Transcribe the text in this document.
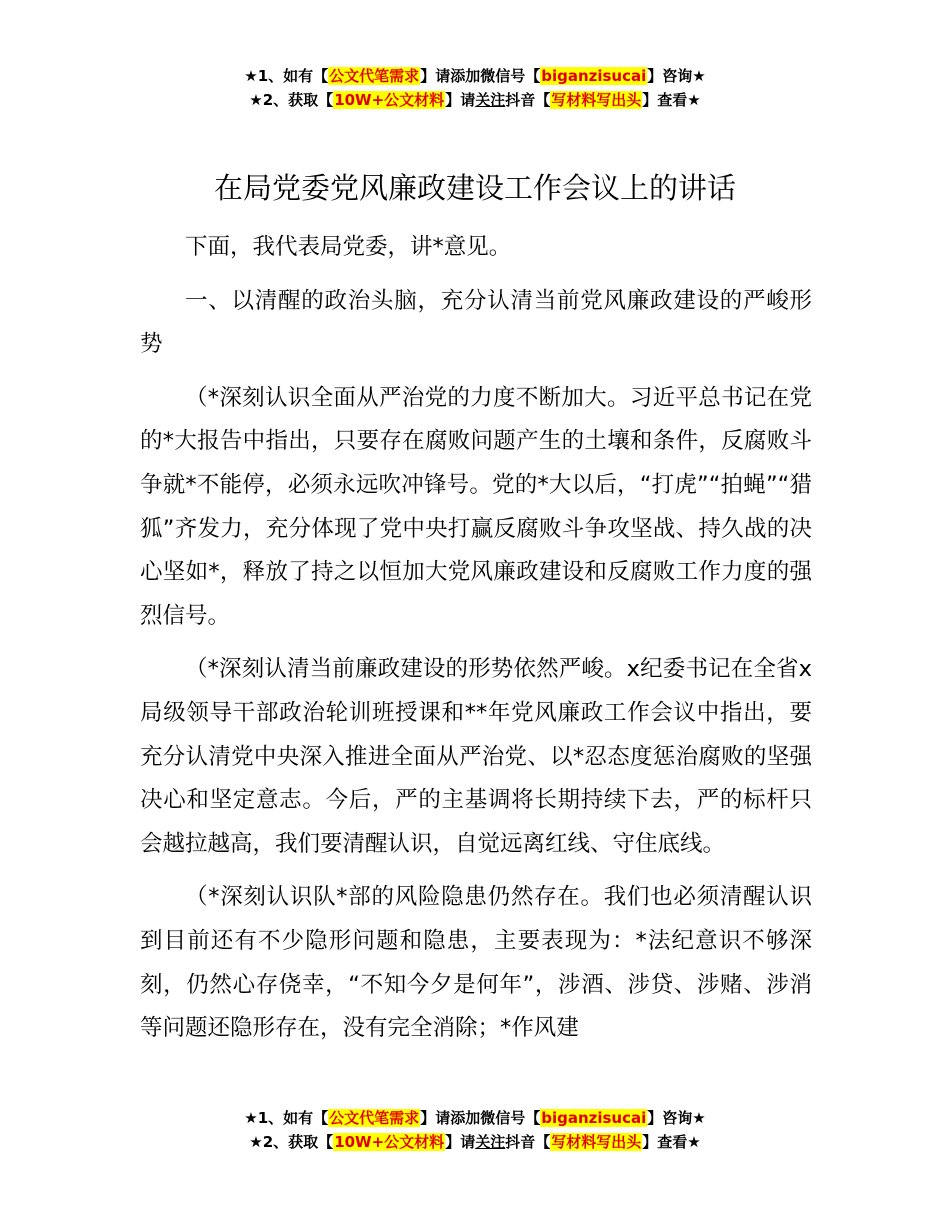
★1、如有【公文代笔需求】请添加微信号【biganzisucai】咨询★
★2、获取【10W+公文材料】请关注抖音【写材料写出头】查看★
在局党委党风廉政建设工作会议上的讲话

下面，我代表局党委，讲*意见。

一、以清醒的政治头脑，充分认清当前党风廉政建设的严峻形势

（*深刻认识全面从严治党的力度不断加大。习近平总书记在党的*大报告中指出，只要存在腐败问题产生的土壤和条件，反腐败斗争就*不能停，必须永远吹冲锋号。党的*大以后，“打虎”“拍蝇”“猎狐”齐发力，充分体现了党中央打赢反腐败斗争攻坚战、持久战的决心坚如*，释放了持之以恒加大党风廉政建设和反腐败工作力度的强烈信号。

（*深刻认清当前廉政建设的形势依然严峻。x纪委书记在全省x局级领导干部政治轮训班授课和**年党风廉政工作会议中指出，要充分认清党中央深入推进全面从严治党、以*忍态度惩治腐败的坚强决心和坚定意志。今后，严的主基调将长期持续下去，严的标杆只会越拉越高，我们要清醒认识，自觉远离红线、守住底线。

（*深刻认识队*部的风险隐患仍然存在。我们也必须清醒认识到目前还有不少隐形问题和隐患，主要表现为：*法纪意识不够深刻，仍然心存侥幸，“不知今夕是何年”，涉酒、涉贷、涉赌、涉消等问题还隐形存在，没有完全消除；*作风建

★1、如有【公文代笔需求】请添加微信号【biganzisucai】咨询★
★2、获取【10W+公文材料】请关注抖音【写材料写出头】查看★
